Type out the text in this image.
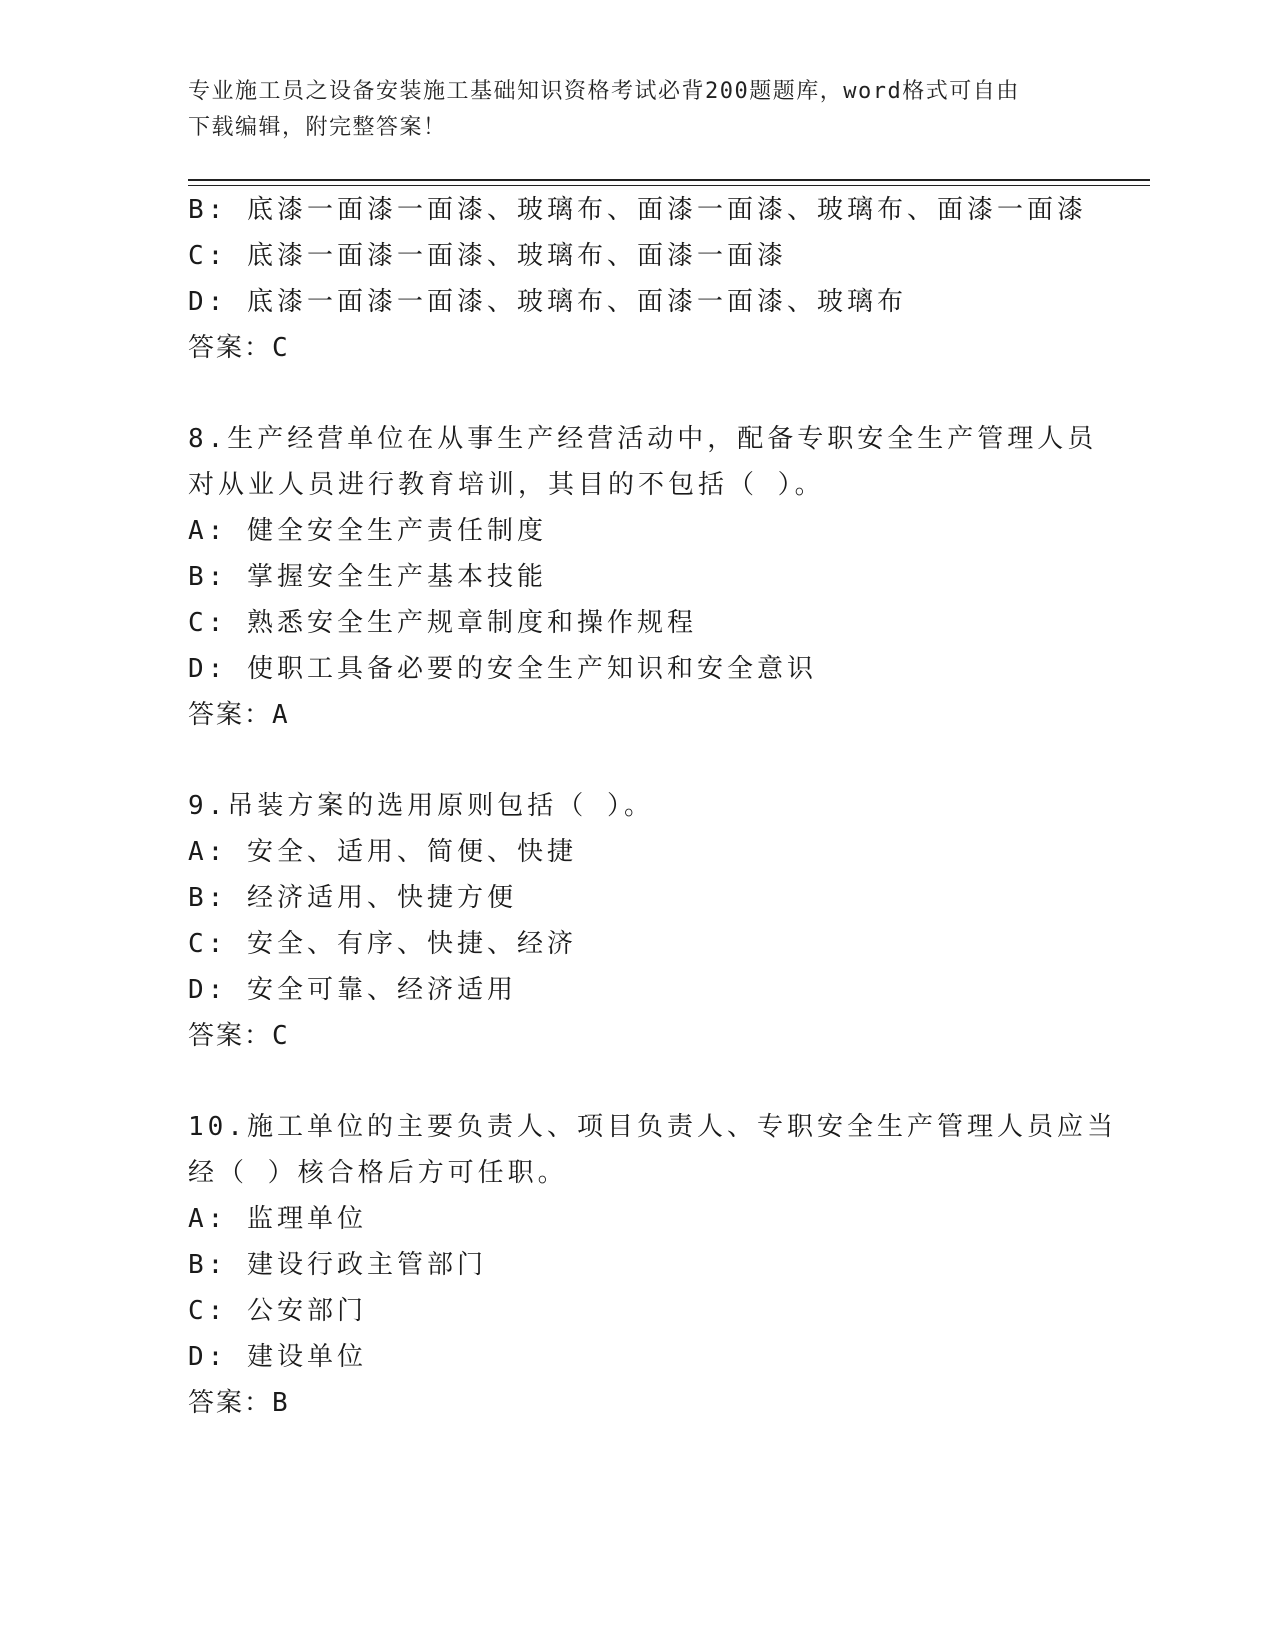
专业施工员之设备安装施工基础知识资格考试必背200题题库，word格式可自由
下载编辑，附完整答案！
B: 底漆一面漆一面漆、玻璃布、面漆一面漆、玻璃布、面漆一面漆
C: 底漆一面漆一面漆、玻璃布、面漆一面漆
D: 底漆一面漆一面漆、玻璃布、面漆一面漆、玻璃布
答案：C
8.生产经营单位在从事生产经营活动中，配备专职安全生产管理人员
对从业人员进行教育培训，其目的不包括（ ）。
A: 健全安全生产责任制度
B: 掌握安全生产基本技能
C: 熟悉安全生产规章制度和操作规程
D: 使职工具备必要的安全生产知识和安全意识
答案：A
9.吊装方案的选用原则包括（ ）。
A: 安全、适用、简便、快捷
B: 经济适用、快捷方便
C: 安全、有序、快捷、经济
D: 安全可靠、经济适用
答案：C
10.施工单位的主要负责人、项目负责人、专职安全生产管理人员应当
经（ ）核合格后方可任职。
A: 监理单位
B: 建设行政主管部门
C: 公安部门
D: 建设单位
答案：B
